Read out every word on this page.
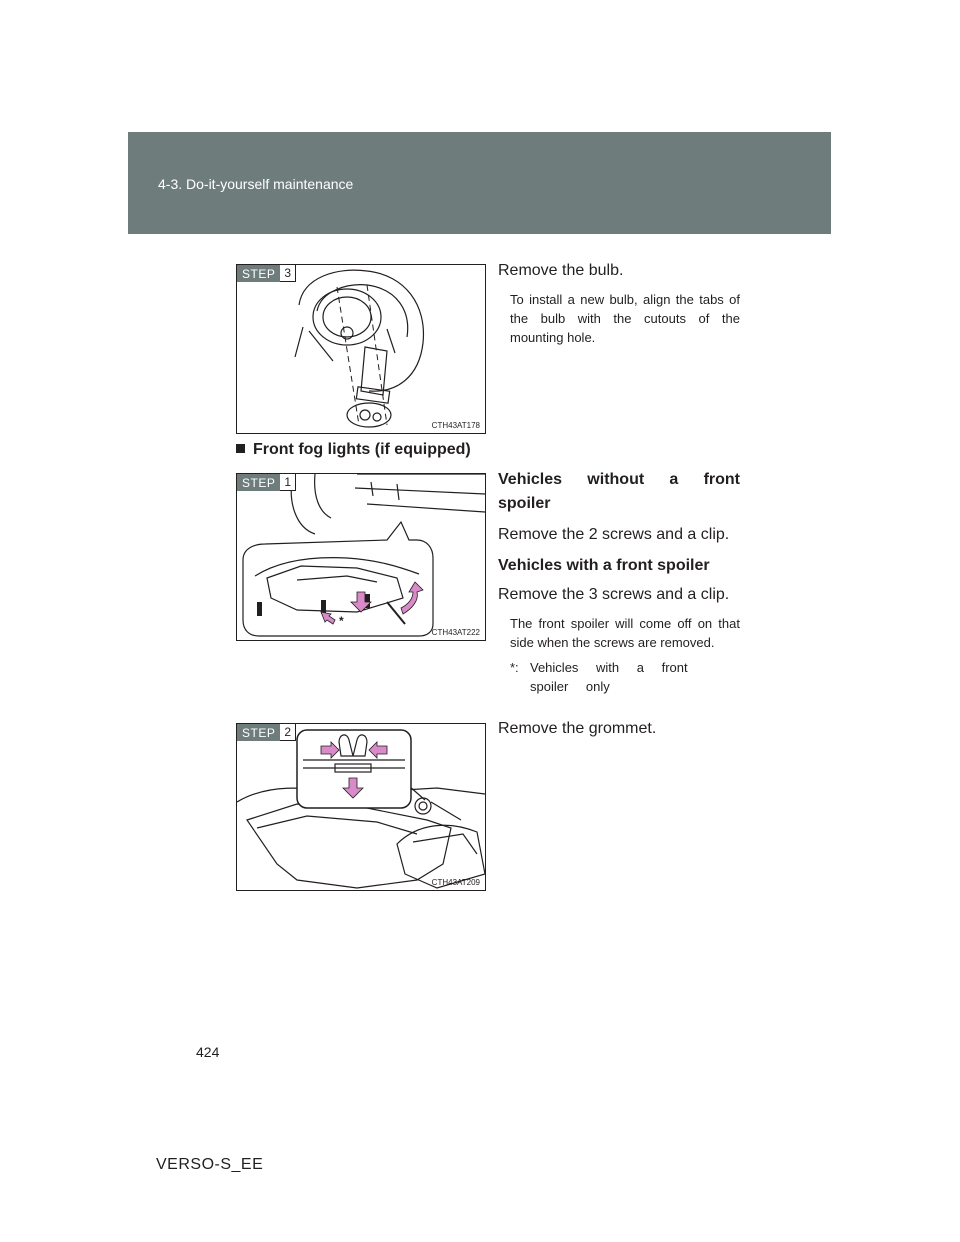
4-3. Do-it-yourself maintenance
STEP 3
CTH43AT178

Remove the bulb.

To install a new bulb, align the tabs of the bulb with the cutouts of the mounting hole.

Front fog lights (if equipped)
STEP 1
*
CTH43AT222

Vehicles without a front spoiler

Remove the 2 screws and a clip.

Vehicles with a front spoiler

Remove the 3 screws and a clip.

The front spoiler will come off on that side when the screws are removed.

*: Vehicles with a front spoiler only
STEP 2
CTH43AT209

Remove the grommet.

424
VERSO-S_EE
